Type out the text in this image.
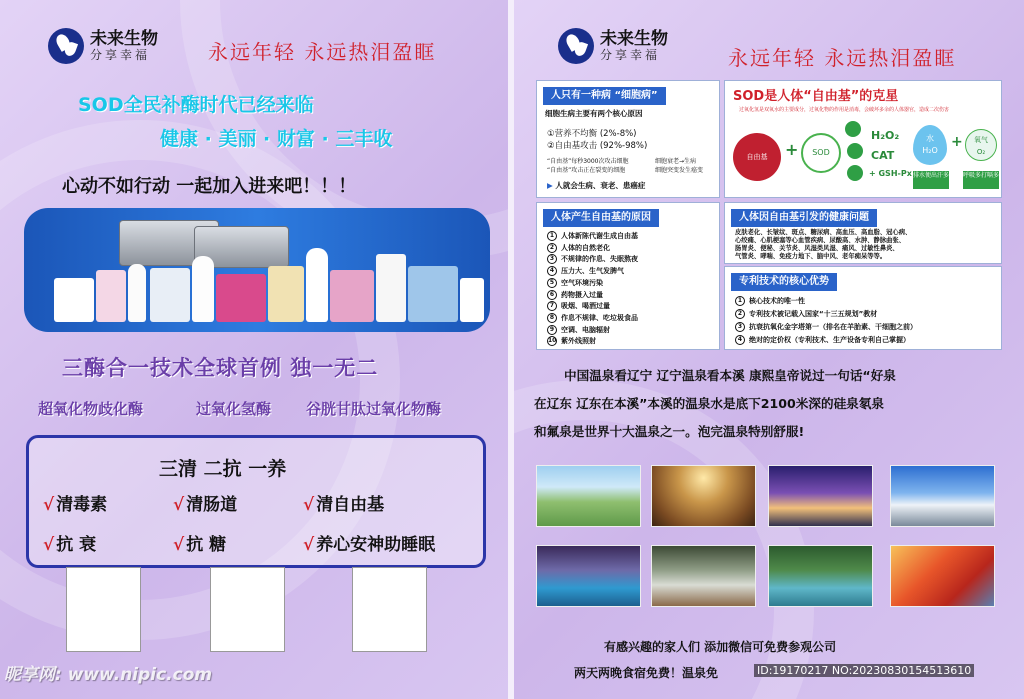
未来生物
分享幸福	永远年轻 永远热泪盈眶
SOD全民补酶时代已经来临
健康 · 美丽 · 财富 · 三丰收
心动不如行动 一起加入进来吧！！！
三酶合一技术全球首例 独一无二
超氧化物歧化酶	过氧化氢酶 谷胱甘肽过氧化物酶
三清 二抗 一养
√ 清毒素	√ 清肠道	√ 清自由基
√ 抗 衰	√ 抗 糖	√ 养心安神助睡眠
昵享网: www.nipic.com
未来生物
分享幸福	永远年轻 永远热泪盈眶
人只有一种病 “细胞病”
细胞生病主要有两个核心原因
①营养不均衡 (2%-8%)
②自由基攻击 (92%-98%)
“自由基”每秒3000次攻击细胞
“自由基”攻击正在裂变的细胞
细胞衰老→生病
细胞突变发生癌变
▶ 人就会生病、衰老、患癌症
SOD是人体“自由基”的克星
过氧化氢是双氧水的主要成分，过氧化物的作用是消毒，会破坏多余的人体器官，造成二次伤害
自由基	+	SOD
H₂O₂
CAT
+ GSH-Px
水
H₂O
+	氧气
O₂
排水便出汗多 呼吸多打嗝多
人体产生自由基的原因
1 人体新陈代谢生成自由基
2 人体的自然老化
3 不规律的作息、失眠熬夜
4 压力大、生气发脾气
5 空气环境污染
6 药物摄入过量
7 吸烟、喝酒过量
8 作息不规律、吃垃圾食品
9 空调、电脑辐射
10 紫外线照射
人体因自由基引发的健康问题
皮肤老化、长皱纹、斑点、糖尿病、高血压、高血脂、冠心病、
心绞痛、心肌梗塞等心血管疾病、尿酸高、水肿、静脉曲张、
肠胃炎、便秘、关节炎、风湿类风湿、痛风、过敏性鼻炎、
气管炎、哮喘、免疫力地下、脑中风、老年痴呆等等。
专利技术的核心优势
1 核心技术的唯一性
2 专利技术被记载入国家“十三五规划”教材
3 抗衰抗氧化金字塔第一（排名在羊胎素、干细胞之前）
4 绝对的定价权（专利技术、生产设备专利自己掌握）
中国温泉看辽宁 辽宁温泉看本溪 康熙皇帝说过一句话“好泉
在辽东 辽东在本溪”本溪的温泉水是底下2100米深的硅泉氡泉
和氟泉是世界十大温泉之一。泡完温泉特别舒服!
有感兴趣的家人们 添加微信可免费参观公司
两天两晚食宿免费！温泉免	ID:19170217 NO:20230830154513610
